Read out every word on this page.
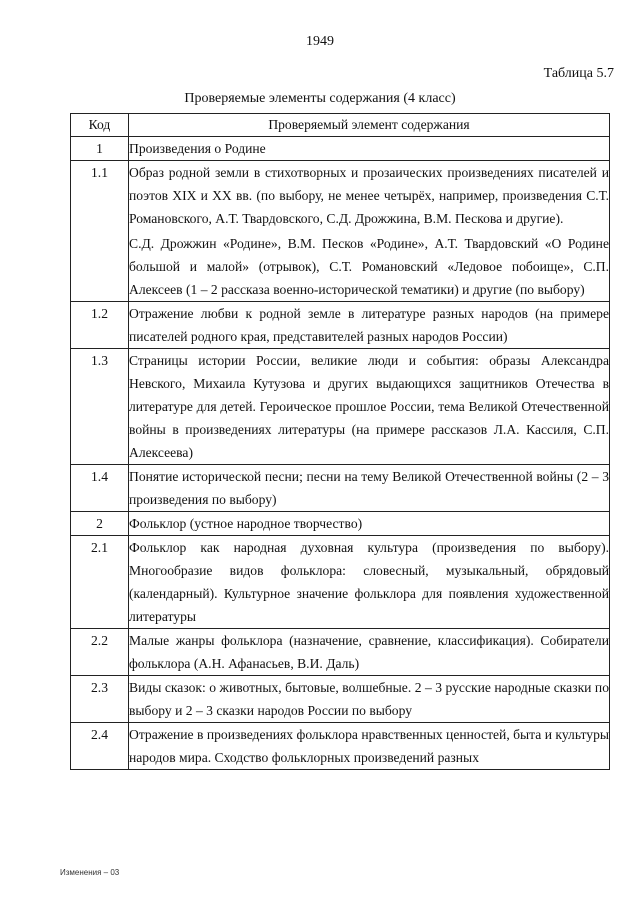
1949
Таблица 5.7
Проверяемые элементы содержания (4 класс)
Код	Проверяемый элемент содержания
1	Произведения о Родине

1.1	Образ родной земли в стихотворных и прозаических произведениях писателей и поэтов XIX и XX вв. (по выбору, не менее четырёх, например, произведения С.Т. Романовского, А.Т. Твардовского, С.Д. Дрожжина, В.М. Пескова и другие).

С.Д. Дрожжин «Родине», В.М. Песков «Родине», А.Т. Твардовский «О Родине большой и малой» (отрывок), С.Т. Романовский «Ледовое побоище», С.П. Алексеев (1 – 2 рассказа военно-исторической тематики) и другие (по выбору)

1.2	Отражение любви к родной земле в литературе разных народов (на примере писателей родного края, представителей разных народов России)

1.3	Страницы истории России, великие люди и события: образы Александра Невского, Михаила Кутузова и других выдающихся защитников Отечества в литературе для детей. Героическое прошлое России, тема Великой Отечественной войны в произведениях литературы (на примере рассказов Л.А. Кассиля, С.П. Алексеева)

1.4	Понятие исторической песни; песни на тему Великой Отечественной войны (2 – 3 произведения по выбору)

2	Фольклор (устное народное творчество)

2.1	Фольклор как народная духовная культура (произведения по выбору). Многообразие видов фольклора: словесный, музыкальный, обрядовый (календарный). Культурное значение фольклора для появления художественной литературы

2.2	Малые жанры фольклора (назначение, сравнение, классификация). Собиратели фольклора (А.Н. Афанасьев, В.И. Даль)

2.3	Виды сказок: о животных, бытовые, волшебные. 2 – 3 русские народные сказки по выбору и 2 – 3 сказки народов России по выбору

2.4	Отражение в произведениях фольклора нравственных ценностей, быта и культуры народов мира. Сходство фольклорных произведений разных

Изменения – 03
